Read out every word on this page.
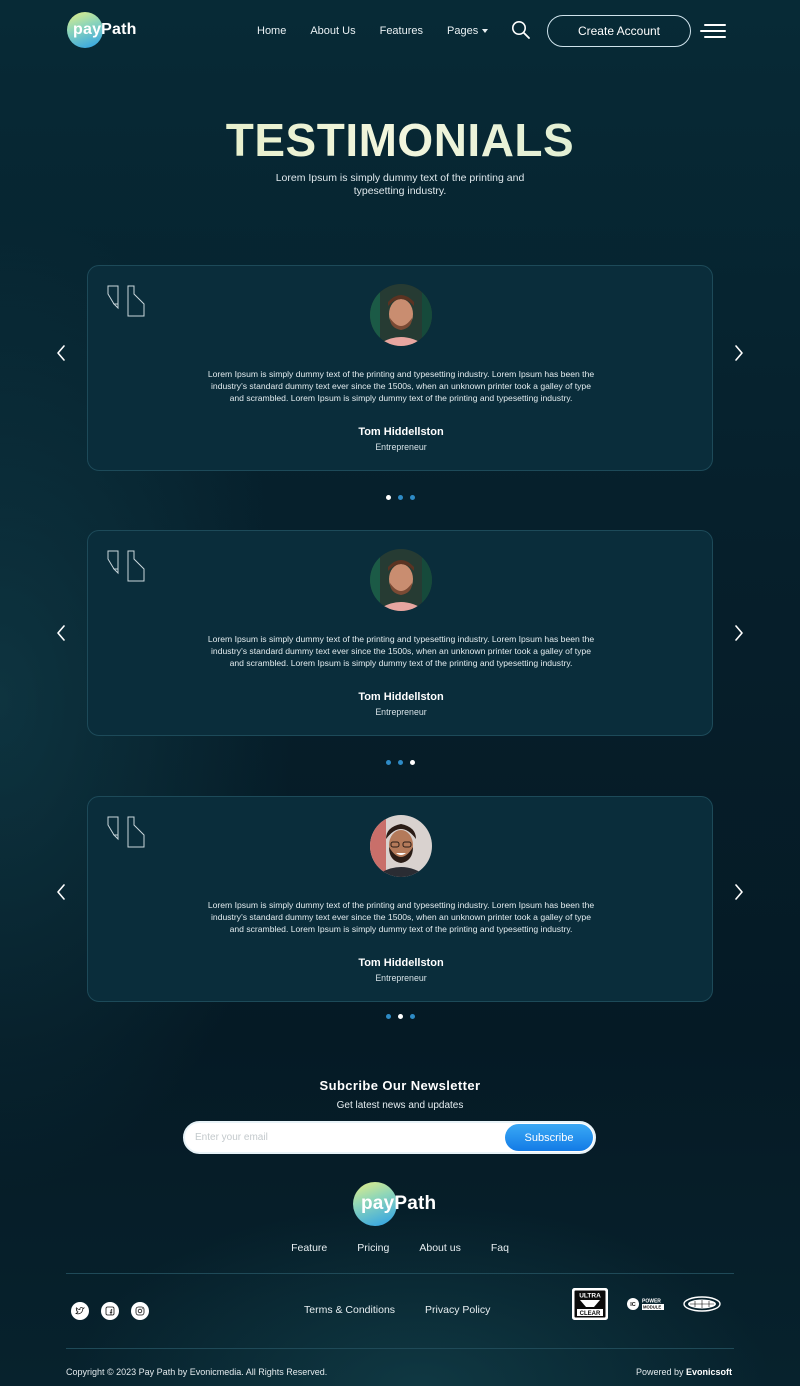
payPath	Home About Us Features Pages	Create Account
TESTIMONIALS
Lorem Ipsum is simply dummy text of the printing and
typesetting industry.
Lorem Ipsum is simply dummy text of the printing and typesetting industry. Lorem Ipsum has been the industry's standard dummy text ever since the 1500s, when an unknown printer took a galley of type and scrambled. Lorem Ipsum is simply dummy text of the printing and typesetting industry.
Tom Hiddellston
Entrepreneur
Lorem Ipsum is simply dummy text of the printing and typesetting industry. Lorem Ipsum has been the industry's standard dummy text ever since the 1500s, when an unknown printer took a galley of type and scrambled. Lorem Ipsum is simply dummy text of the printing and typesetting industry.
Tom Hiddellston
Entrepreneur
Lorem Ipsum is simply dummy text of the printing and typesetting industry. Lorem Ipsum has been the industry's standard dummy text ever since the 1500s, when an unknown printer took a galley of type and scrambled. Lorem Ipsum is simply dummy text of the printing and typesetting industry.
Tom Hiddellston
Entrepreneur
Subcribe Our Newsletter
Get latest news and updates
Enter your email
Subscribe
payPath
Feature	Pricing	About us	Faq
Terms & Conditions	Privacy Policy
ULTRA
CLEAR
IC
POWER
MODULE
Copyright © 2023 Pay Path by Evonicmedia. All Rights Reserved.	Powered by Evonicsoft
